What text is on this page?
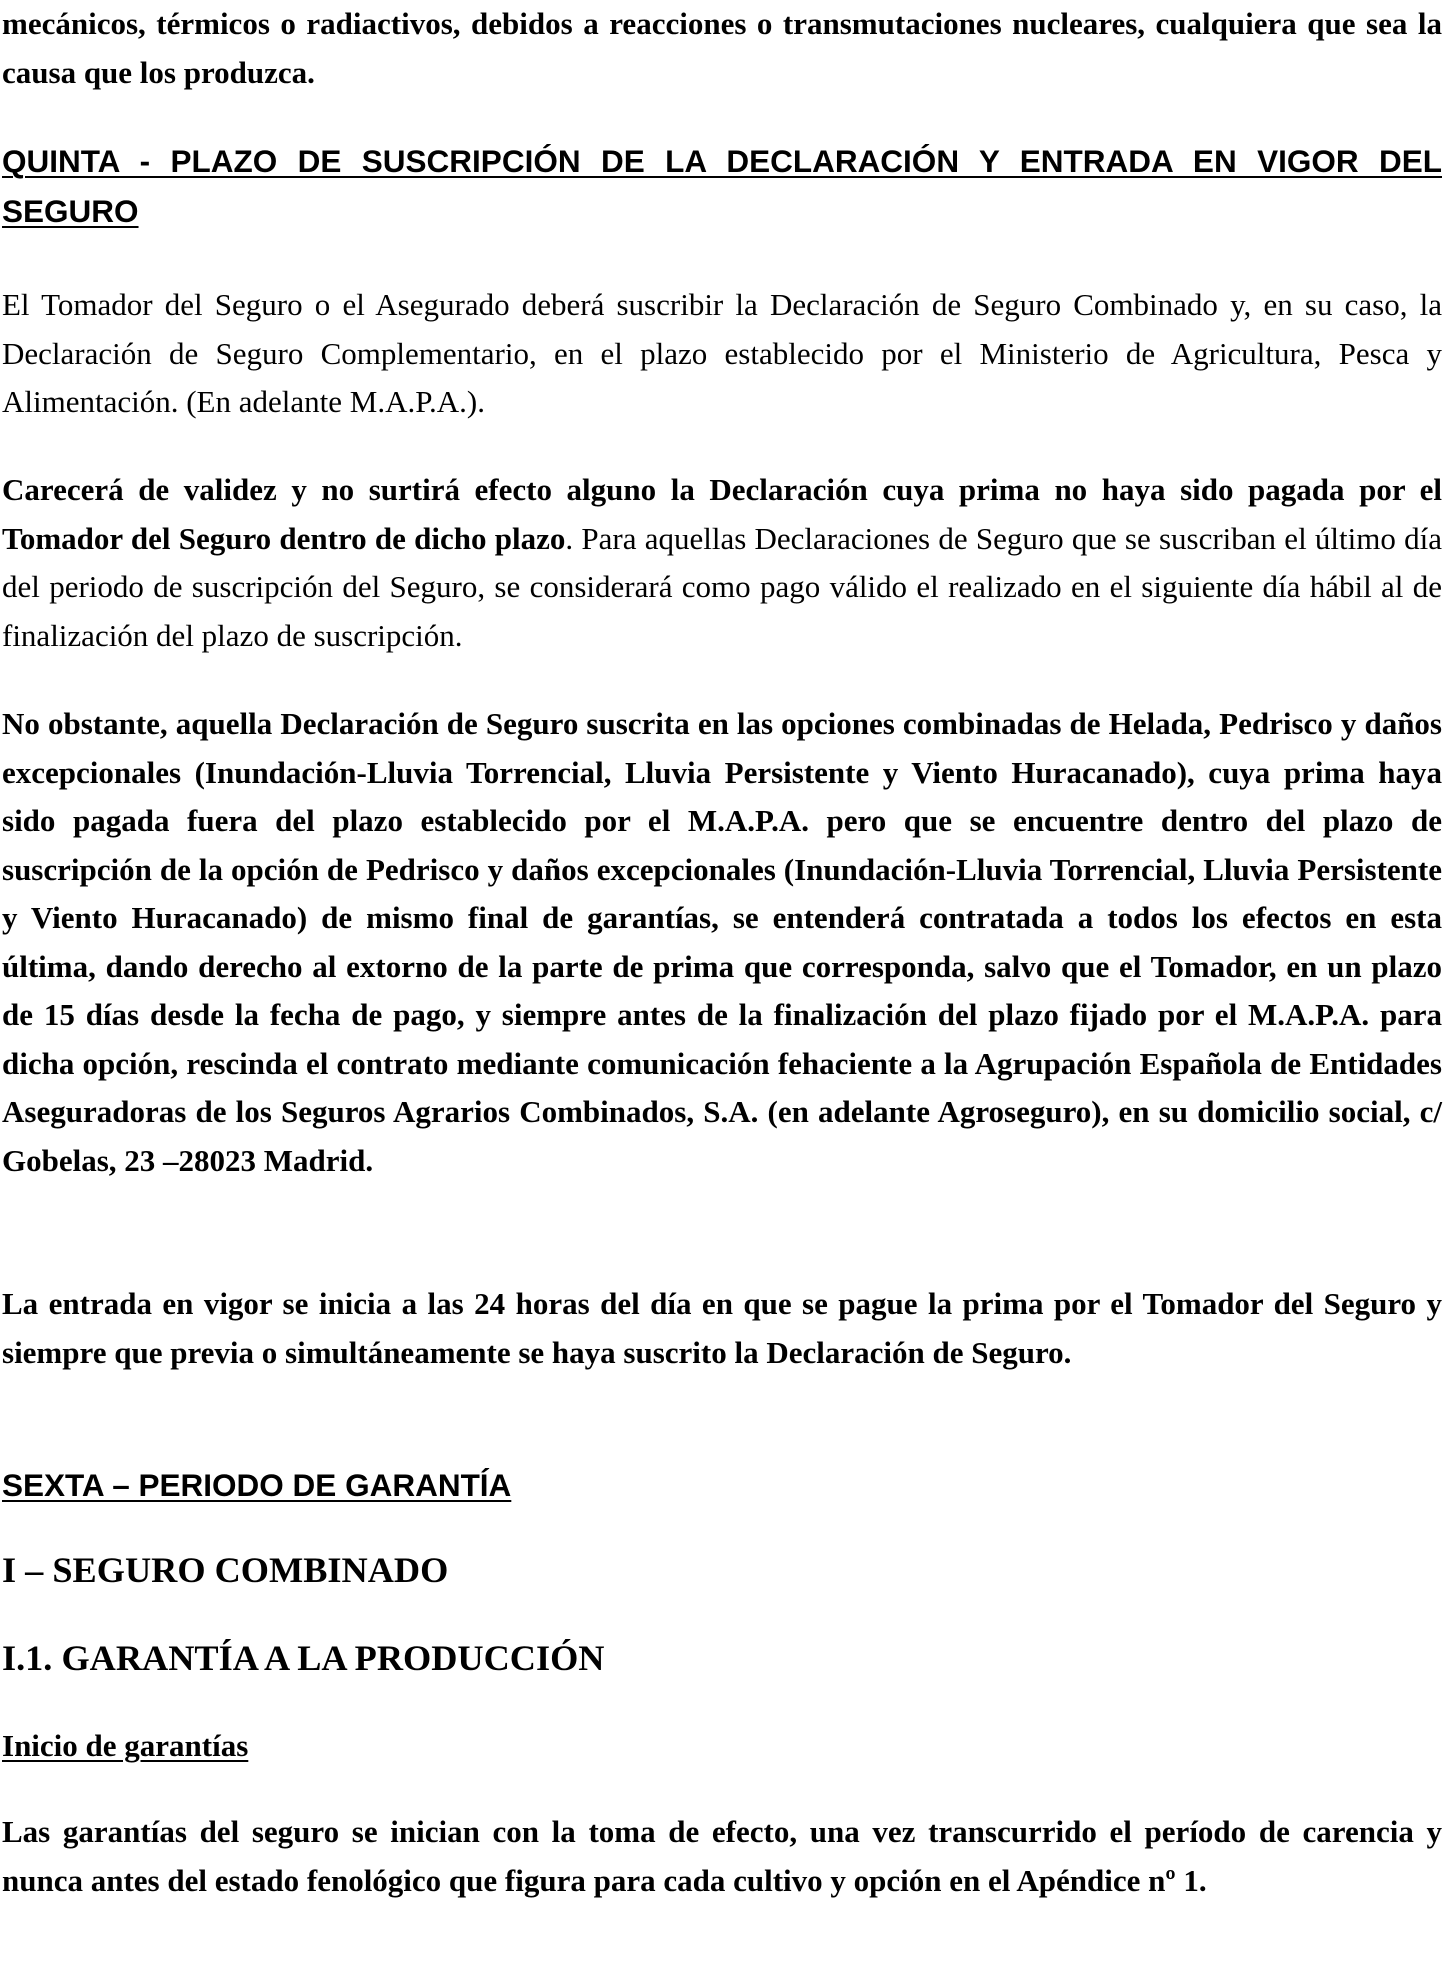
mecánicos, térmicos o radiactivos, debidos a reacciones o transmutaciones nucleares, cualquiera que sea la causa que los produzca.

QUINTA - PLAZO DE SUSCRIPCIÓN DE LA DECLARACIÓN Y ENTRADA EN VIGOR DEL SEGURO

El Tomador del Seguro o el Asegurado deberá suscribir la Declaración de Seguro Combinado y, en su caso, la Declaración de Seguro Complementario, en el plazo establecido por el Ministerio de Agricultura, Pesca y Alimentación. (En adelante M.A.P.A.).

Carecerá de validez y no surtirá efecto alguno la Declaración cuya prima no haya sido pagada por el Tomador del Seguro dentro de dicho plazo. Para aquellas Declaraciones de Seguro que se suscriban el último día del periodo de suscripción del Seguro, se considerará como pago válido el realizado en el siguiente día hábil al de finalización del plazo de suscripción.

No obstante, aquella Declaración de Seguro suscrita en las opciones combinadas de Helada, Pedrisco y daños excepcionales (Inundación-Lluvia Torrencial, Lluvia Persistente y Viento Huracanado), cuya prima haya sido pagada fuera del plazo establecido por el M.A.P.A. pero que se encuentre dentro del plazo de suscripción de la opción de Pedrisco y daños excepcionales (Inundación-Lluvia Torrencial, Lluvia Persistente y Viento Huracanado) de mismo final de garantías, se entenderá contratada a todos los efectos en esta última, dando derecho al extorno de la parte de prima que corresponda, salvo que el Tomador, en un plazo de 15 días desde la fecha de pago, y siempre antes de la finalización del plazo fijado por el M.A.P.A. para dicha opción, rescinda el contrato mediante comunicación fehaciente a la Agrupación Española de Entidades Aseguradoras de los Seguros Agrarios Combinados, S.A. (en adelante Agroseguro), en su domicilio social, c/ Gobelas, 23 –28023 Madrid.

La entrada en vigor se inicia a las 24 horas del día en que se pague la prima por el Tomador del Seguro y siempre que previa o simultáneamente se haya suscrito la Declaración de Seguro.

SEXTA – PERIODO DE GARANTÍA
I – SEGURO COMBINADO
I.1. GARANTÍA A LA PRODUCCIÓN
Inicio de garantías

Las garantías del seguro se inician con la toma de efecto, una vez transcurrido el período de carencia y nunca antes del estado fenológico que figura para cada cultivo y opción en el Apéndice nº 1.
